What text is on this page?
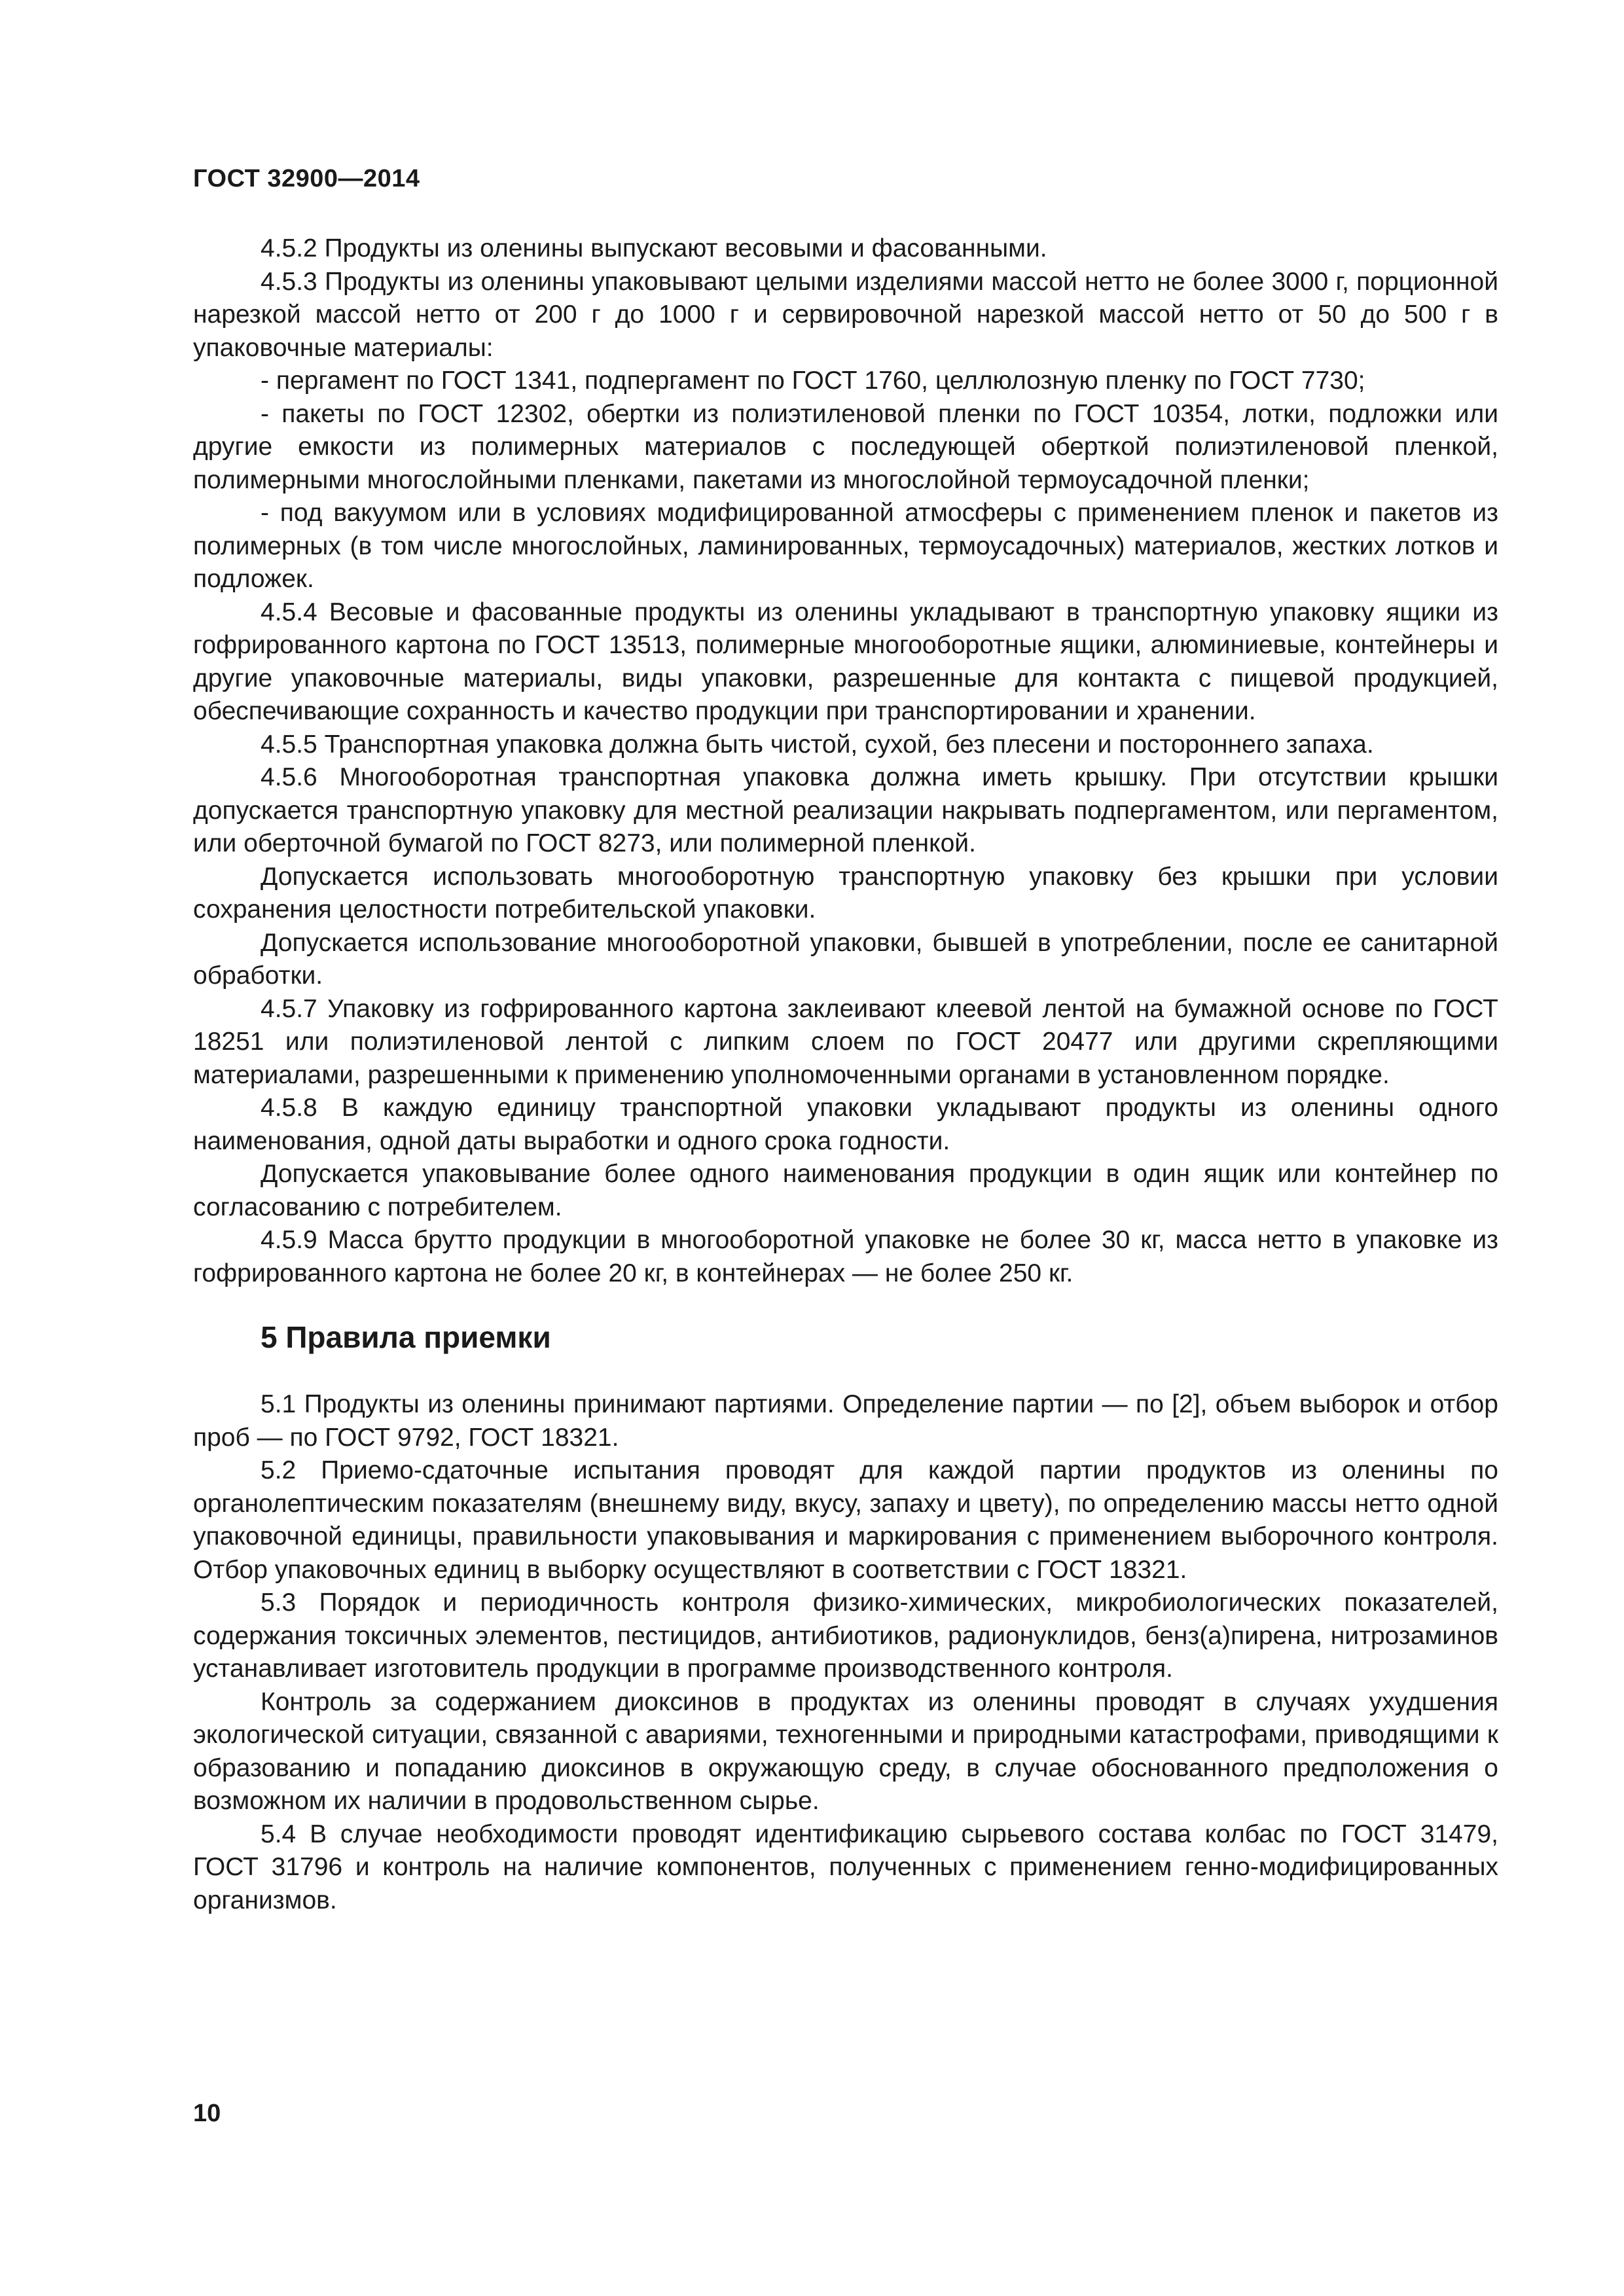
ГОСТ 32900—2014

4.5.2 Продукты из оленины выпускают весовыми и фасованными.

4.5.3 Продукты из оленины упаковывают целыми изделиями массой нетто не более 3000 г, порционной нарезкой массой нетто от 200 г до 1000 г и сервировочной нарезкой массой нетто от 50 до 500 г в упаковочные материалы:

- пергамент по ГОСТ 1341, подпергамент по ГОСТ 1760, целлюлозную пленку по ГОСТ 7730;

- пакеты по ГОСТ 12302, обертки из полиэтиленовой пленки по ГОСТ 10354, лотки, подложки или другие емкости из полимерных материалов с последующей оберткой полиэтиленовой пленкой, полимерными многослойными пленками, пакетами из многослойной термоусадочной пленки;

- под вакуумом или в условиях модифицированной атмосферы с применением пленок и пакетов из полимерных (в том числе многослойных, ламинированных, термоусадочных) материалов, жестких лотков и подложек.

4.5.4 Весовые и фасованные продукты из оленины укладывают в транспортную упаковку ящики из гофрированного картона по ГОСТ 13513, полимерные многооборотные ящики, алюминиевые, контейнеры и другие упаковочные материалы, виды упаковки, разрешенные для контакта с пищевой продукцией, обеспечивающие сохранность и качество продукции при транспортировании и хранении.

4.5.5 Транспортная упаковка должна быть чистой, сухой, без плесени и постороннего запаха.

4.5.6 Многооборотная транспортная упаковка должна иметь крышку. При отсутствии крышки допускается транспортную упаковку для местной реализации накрывать подпергаментом, или пергаментом, или оберточной бумагой по ГОСТ 8273, или полимерной пленкой.

Допускается использовать многооборотную транспортную упаковку без крышки при условии сохранения целостности потребительской упаковки.

Допускается использование многооборотной упаковки, бывшей в употреблении, после ее санитарной обработки.

4.5.7 Упаковку из гофрированного картона заклеивают клеевой лентой на бумажной основе по ГОСТ 18251 или полиэтиленовой лентой с липким слоем по ГОСТ 20477 или другими скрепляющими материалами, разрешенными к применению уполномоченными органами в установленном порядке.

4.5.8 В каждую единицу транспортной упаковки укладывают продукты из оленины одного наименования, одной даты выработки и одного срока годности.

Допускается упаковывание более одного наименования продукции в один ящик или контейнер по согласованию с потребителем.

4.5.9 Масса брутто продукции в многооборотной упаковке не более 30 кг, масса нетто в упаковке из гофрированного картона не более 20 кг, в контейнерах — не более 250 кг.

5 Правила приемки

5.1 Продукты из оленины принимают партиями. Определение партии — по [2], объем выборок и отбор проб — по ГОСТ 9792, ГОСТ 18321.

5.2 Приемо-сдаточные испытания проводят для каждой партии продуктов из оленины по органолептическим показателям (внешнему виду, вкусу, запаху и цвету), по определению массы нетто одной упаковочной единицы, правильности упаковывания и маркирования с применением выборочного контроля. Отбор упаковочных единиц в выборку осуществляют в соответствии с ГОСТ 18321.

5.3 Порядок и периодичность контроля физико-химических, микробиологических показателей, содержания токсичных элементов, пестицидов, антибиотиков, радионуклидов, бенз(а)пирена, нитрозаминов устанавливает изготовитель продукции в программе производственного контроля.

Контроль за содержанием диоксинов в продуктах из оленины проводят в случаях ухудшения экологической ситуации, связанной с авариями, техногенными и природными катастрофами, приводящими к образованию и попаданию диоксинов в окружающую среду, в случае обоснованного предположения о возможном их наличии в продовольственном сырье.

5.4 В случае необходимости проводят идентификацию сырьевого состава колбас по ГОСТ 31479, ГОСТ 31796 и контроль на наличие компонентов, полученных с применением генно-модифицированных организмов.

10
